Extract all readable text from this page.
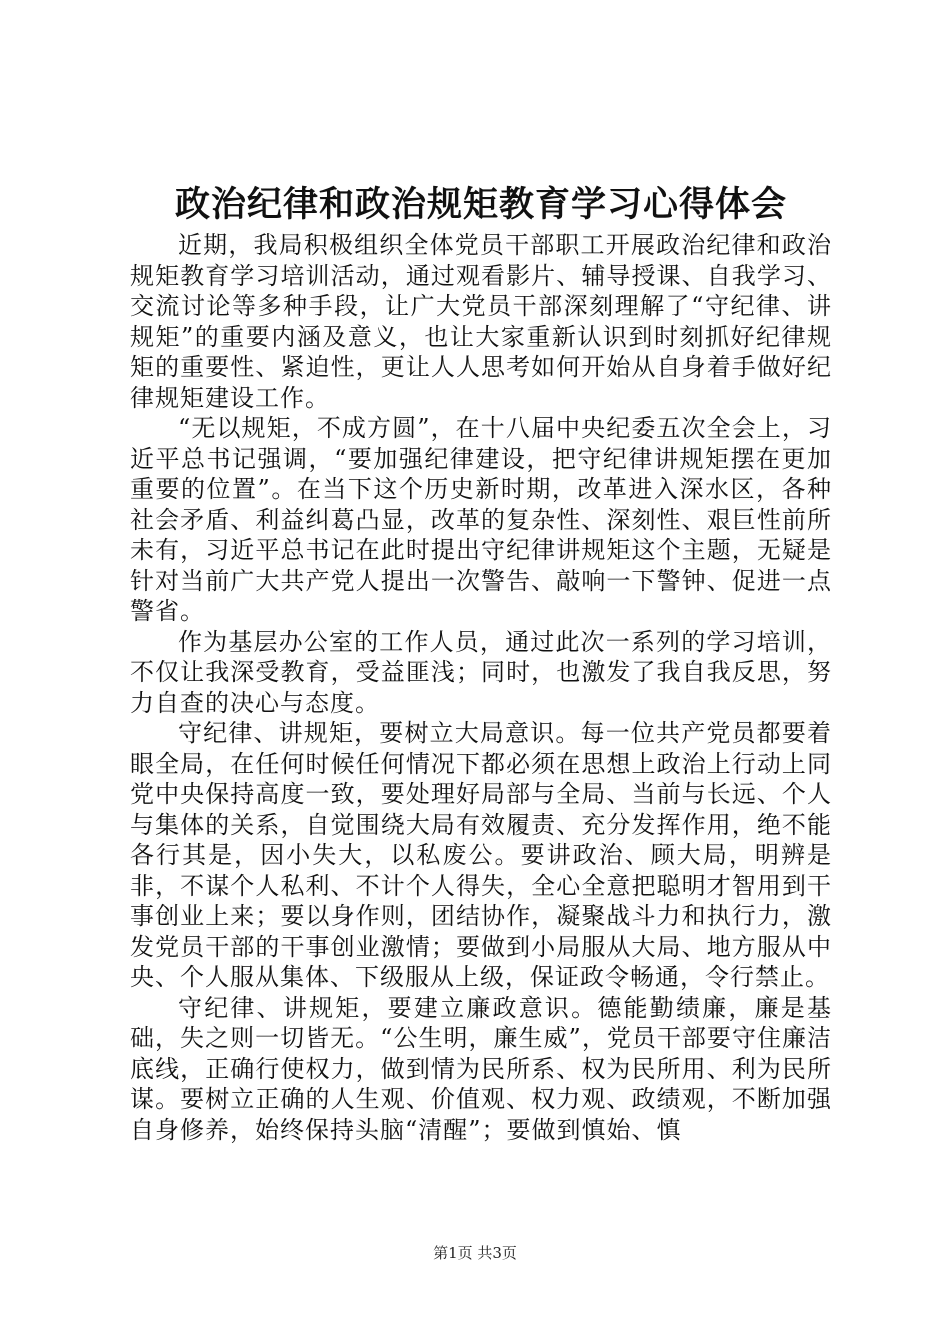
政治纪律和政治规矩教育学习心得体会

近期，我局积极组织全体党员干部职工开展政治纪律和政治规矩教育学习培训活动，通过观看影片、辅导授课、自我学习、交流讨论等多种手段，让广大党员干部深刻理解了“守纪律、讲规矩”的重要内涵及意义，也让大家重新认识到时刻抓好纪律规矩的重要性、紧迫性，更让人人思考如何开始从自身着手做好纪律规矩建设工作。

“无以规矩，不成方圆”，在十八届中央纪委五次全会上，习近平总书记强调，“要加强纪律建设，把守纪律讲规矩摆在更加重要的位置”。在当下这个历史新时期，改革进入深水区，各种社会矛盾、利益纠葛凸显，改革的复杂性、深刻性、艰巨性前所未有，习近平总书记在此时提出守纪律讲规矩这个主题，无疑是针对当前广大共产党人提出一次警告、敲响一下警钟、促进一点警省。

作为基层办公室的工作人员，通过此次一系列的学习培训，不仅让我深受教育，受益匪浅；同时，也激发了我自我反思，努力自查的决心与态度。

守纪律、讲规矩，要树立大局意识。每一位共产党员都要着眼全局，在任何时候任何情况下都必须在思想上政治上行动上同党中央保持高度一致，要处理好局部与全局、当前与长远、个人与集体的关系，自觉围绕大局有效履责、充分发挥作用，绝不能各行其是，因小失大，以私废公。要讲政治、顾大局，明辨是非，不谋个人私利、不计个人得失，全心全意把聪明才智用到干事创业上来；要以身作则，团结协作，凝聚战斗力和执行力，激发党员干部的干事创业激情；要做到小局服从大局、地方服从中央、个人服从集体、下级服从上级，保证政令畅通，令行禁止。

守纪律、讲规矩，要建立廉政意识。德能勤绩廉，廉是基础，失之则一切皆无。“公生明，廉生威”，党员干部要守住廉洁底线，正确行使权力，做到情为民所系、权为民所用、利为民所谋。要树立正确的人生观、价值观、权力观、政绩观，不断加强自身修养，始终保持头脑“清醒”；要做到慎始、慎

第1页 共3页
